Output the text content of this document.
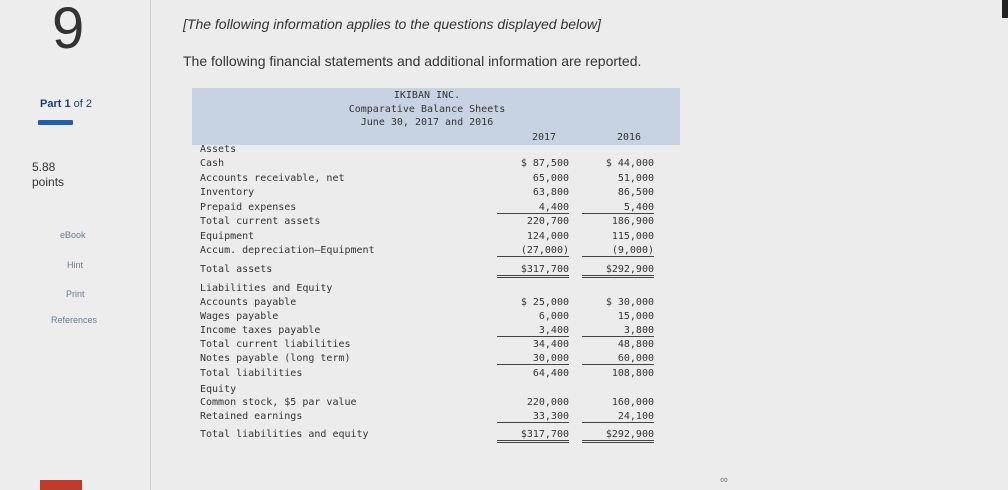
9
Part 1 of 2
5.88
points
eBook
Hint
Print
References
[The following information applies to the questions displayed below]
The following financial statements and additional information are reported.
IKIBAN INC.
Comparative Balance Sheets
June 30, 2017 and 2016
2017	2016
Assets
Cash	$ 87,500	$ 44,000
Accounts receivable, net	65,000	51,000
Inventory	63,800	86,500
Prepaid expenses	4,400	5,400
Total current assets	220,700	186,900
Equipment	124,000	115,000
Accum. depreciation—Equipment	(27,000)	(9,000)
Total assets	$317,700	$292,900
Liabilities and Equity
Accounts payable	$ 25,000	$ 30,000
Wages payable	6,000	15,000
Income taxes payable	3,400	3,800
Total current liabilities	34,400	48,800
Notes payable (long term)	30,000	60,000
Total liabilities	64,400	108,800
Equity
Common stock, $5 par value	220,000	160,000
Retained earnings	33,300	24,100
Total liabilities and equity	$317,700	$292,900
∞
